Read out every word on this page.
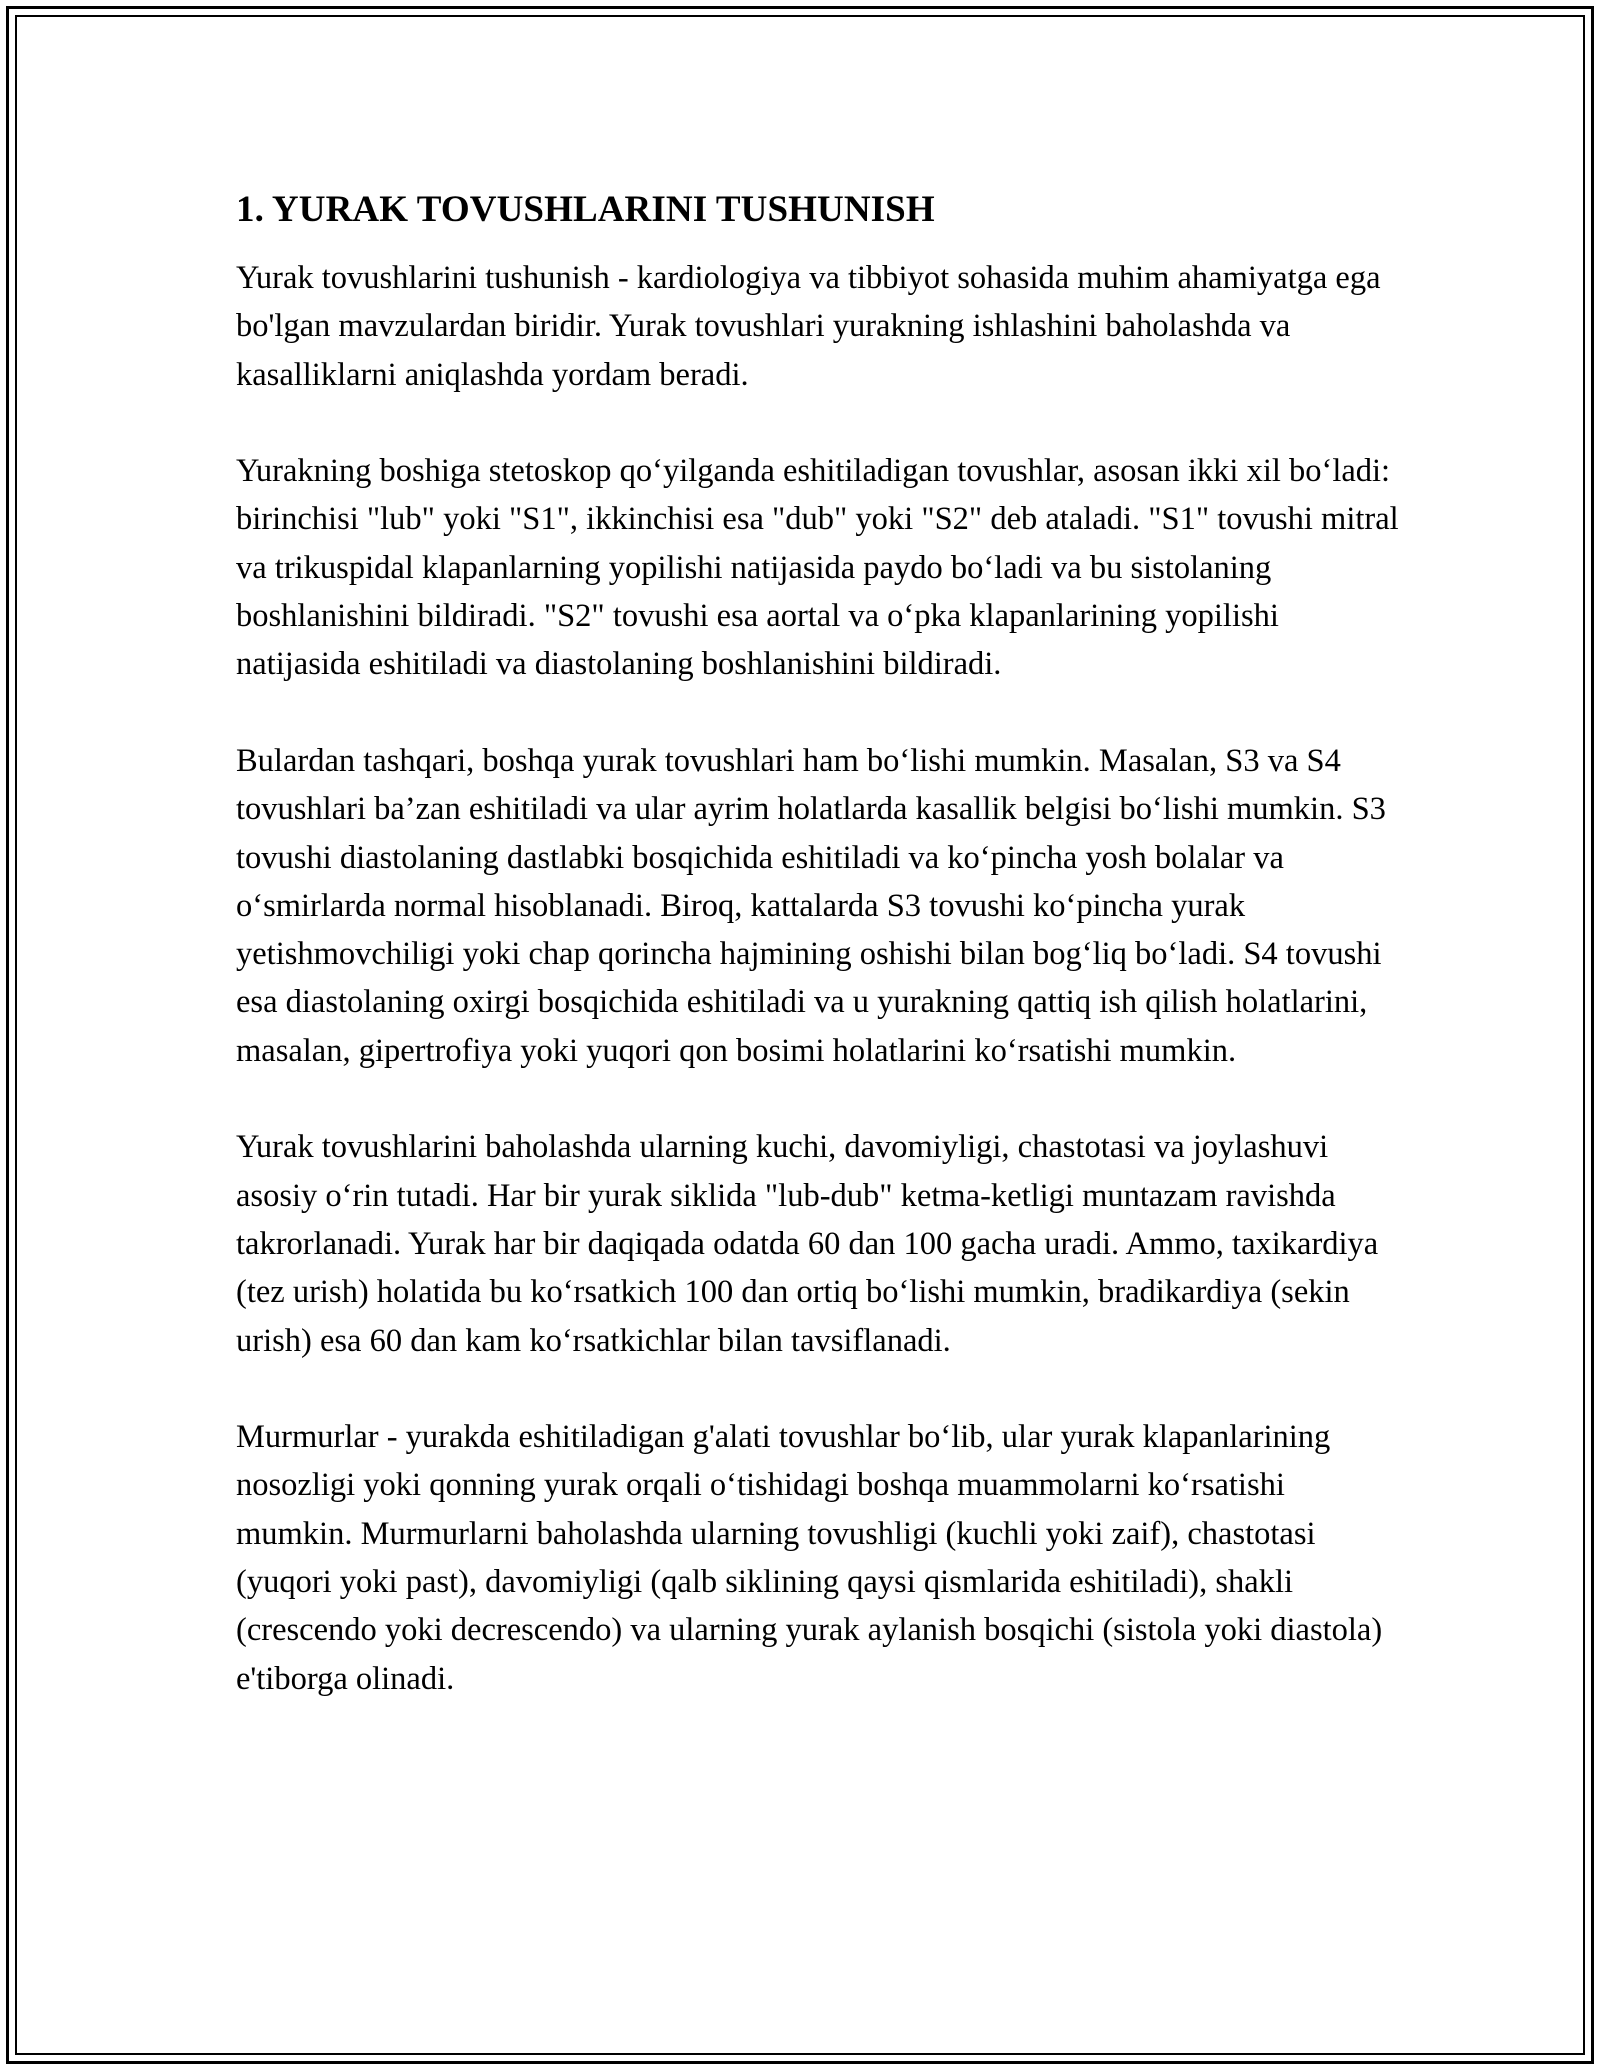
1. YURAK TOVUSHLARINI TUSHUNISH

Yurak tovushlarini tushunish - kardiologiya va tibbiyot sohasida muhim ahamiyatga ega bo'lgan mavzulardan biridir. Yurak tovushlari yurakning ishlashini baholashda va kasalliklarni aniqlashda yordam beradi.

Yurakning boshiga stetoskop qo‘yilganda eshitiladigan tovushlar, asosan ikki xil bo‘ladi: birinchisi "lub" yoki "S1", ikkinchisi esa "dub" yoki "S2" deb ataladi. "S1" tovushi mitral va trikuspidal klapanlarning yopilishi natijasida paydo bo‘ladi va bu sistolaning boshlanishini bildiradi. "S2" tovushi esa aortal va o‘pka klapanlarining yopilishi natijasida eshitiladi va diastolaning boshlanishini bildiradi.

Bulardan tashqari, boshqa yurak tovushlari ham bo‘lishi mumkin. Masalan, S3 va S4 tovushlari ba’zan eshitiladi va ular ayrim holatlarda kasallik belgisi bo‘lishi mumkin. S3 tovushi diastolaning dastlabki bosqichida eshitiladi va ko‘pincha yosh bolalar va o‘smirlarda normal hisoblanadi. Biroq, kattalarda S3 tovushi ko‘pincha yurak yetishmovchiligi yoki chap qorincha hajmining oshishi bilan bog‘liq bo‘ladi. S4 tovushi esa diastolaning oxirgi bosqichida eshitiladi va u yurakning qattiq ish qilish holatlarini, masalan, gipertrofiya yoki yuqori qon bosimi holatlarini ko‘rsatishi mumkin.

Yurak tovushlarini baholashda ularning kuchi, davomiyligi, chastotasi va joylashuvi asosiy o‘rin tutadi. Har bir yurak siklida "lub-dub" ketma-ketligi muntazam ravishda takrorlanadi. Yurak har bir daqiqada odatda 60 dan 100 gacha uradi. Ammo, taxikardiya (tez urish) holatida bu ko‘rsatkich 100 dan ortiq bo‘lishi mumkin, bradikardiya (sekin urish) esa 60 dan kam ko‘rsatkichlar bilan tavsiflanadi.

Murmurlar - yurakda eshitiladigan g'alati tovushlar bo‘lib, ular yurak klapanlarining nosozligi yoki qonning yurak orqali o‘tishidagi boshqa muammolarni ko‘rsatishi mumkin. Murmurlarni baholashda ularning tovushligi (kuchli yoki zaif), chastotasi (yuqori yoki past), davomiyligi (qalb siklining qaysi qismlarida eshitiladi), shakli (crescendo yoki decrescendo) va ularning yurak aylanish bosqichi (sistola yoki diastola) e'tiborga olinadi.
